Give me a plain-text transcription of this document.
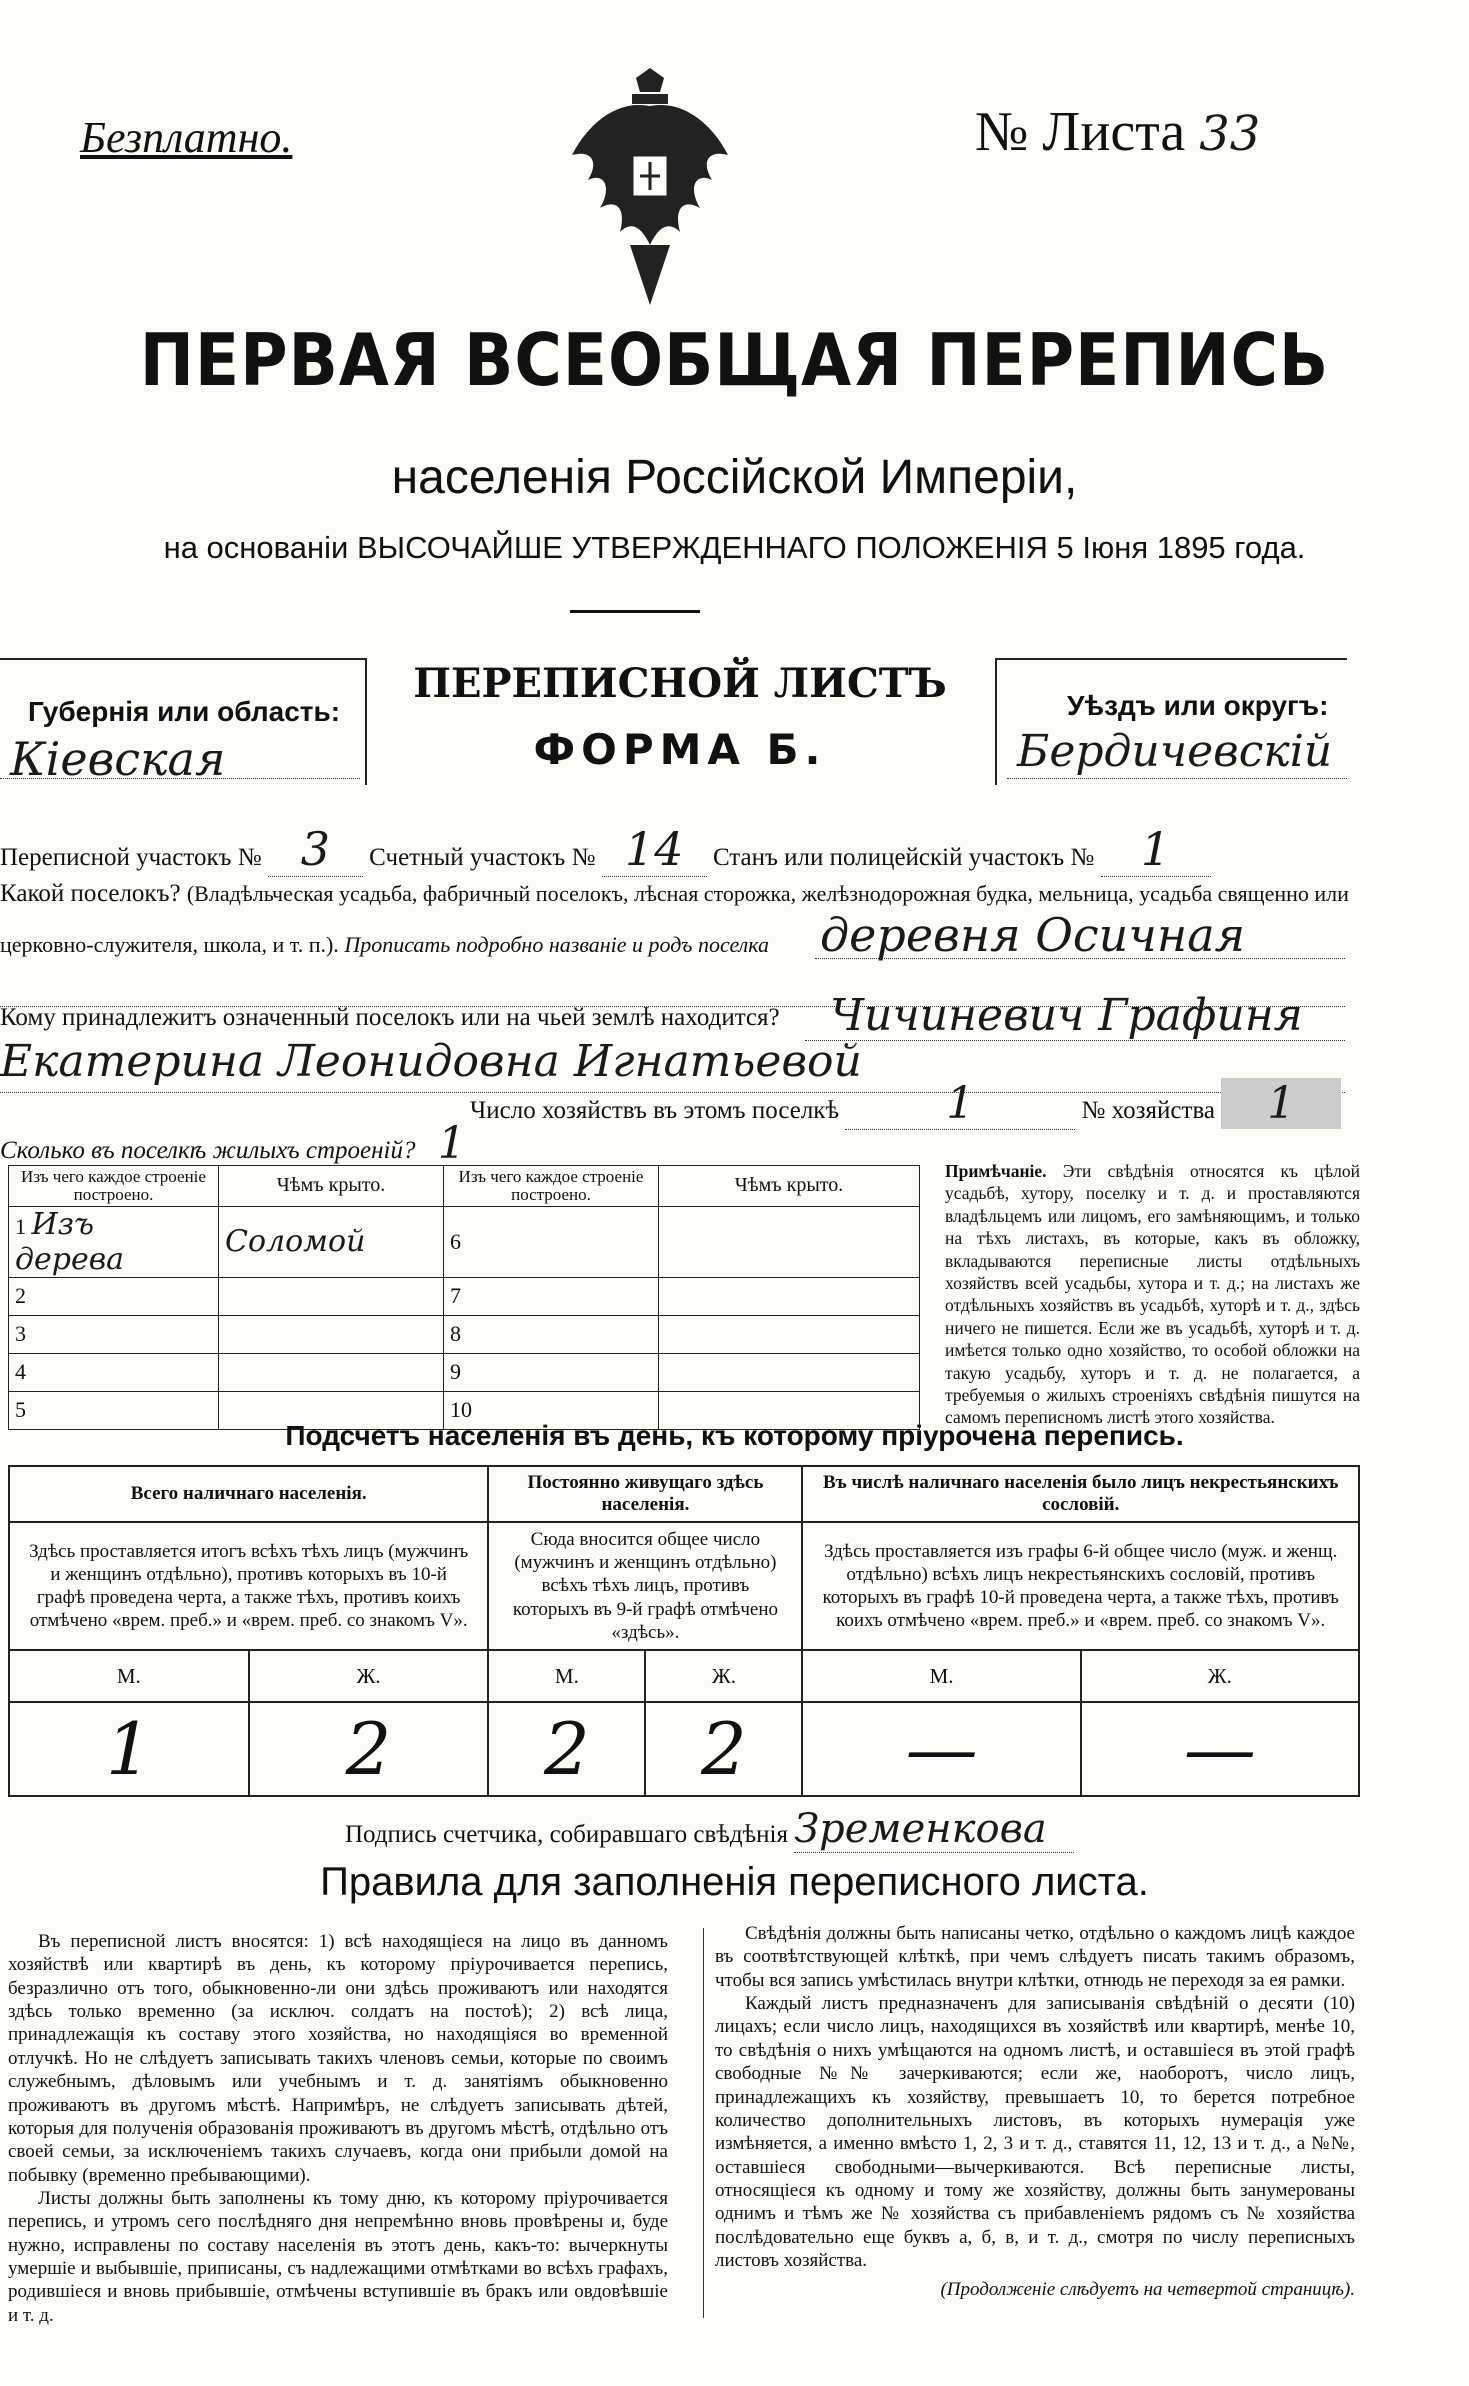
Безплатно.	№ Листа 33
ПЕРВАЯ ВСЕОБЩАЯ ПЕРЕПИСЬ
населенія Россійской Имперіи,
на основаніи ВЫСОЧАЙШЕ УТВЕРЖДЕННАГО ПОЛОЖЕНІЯ 5 Іюня 1895 года.
Губернія или область:
Кіевская
ПЕРЕПИСНОЙ ЛИСТЪ
ФОРМА Б.
Уѣздъ или округъ:
Бердичевскій
Переписной участокъ № 3 Счетный участокъ № 14 Станъ или полицейскій участокъ № 1
Какой поселокъ? (Владѣльческая усадьба, фабричный поселокъ, лѣсная сторожка, желѣзнодорожная будка, мельница, усадьба священно или
церковно-служителя, школа, и т. п.). Прописать подробно названіе и родъ поселка деревня Осичная
Кому принадлежитъ означенный поселокъ или на чьей землѣ находится? Чичиневич Графиня
Екатерина Леонидовна Игнатьевой
Число хозяйствъ въ этомъ поселкѣ 1	№ хозяйства 1
Сколько въ поселкѣ жилыхъ строеній? 1
Изъ чего каждое строеніе построено.	Чѣмъ крыто.	Изъ чего каждое строеніе построено.	Чѣмъ крыто.
1 Изъ дерева	Соломой	6	
2		7	
3		8	
4		9	
5		10	
Примѣчаніе. Эти свѣдѣнія относятся къ цѣлой усадьбѣ, хутору, поселку и т. д. и проставляются владѣльцемъ или лицомъ, его замѣняющимъ, и только на тѣхъ листахъ, въ которые, какъ въ обложку, вкладываются переписные листы отдѣльныхъ хозяйствъ всей усадьбы, хутора и т. д.; на листахъ же отдѣльныхъ хозяйствъ въ усадьбѣ, хуторѣ и т. д., здѣсь ничего не пишется. Если же въ усадьбѣ, хуторѣ и т. д. имѣется только одно хозяйство, то особой обложки на такую усадьбу, хуторъ и т. д. не полагается, а требуемыя о жилыхъ строеніяхъ свѣдѣнія пишутся на самомъ переписномъ листѣ этого хозяйства.
Подсчетъ населенія въ день, къ которому пріурочена перепись.
Всего наличнаго населенія.		Постоянно живущаго здѣсь населенія.		Въ числѣ наличнаго населенія было лицъ некрестьянскихъ сословій.	
Здѣсь проставляется итогъ всѣхъ тѣхъ лицъ (мужчинъ и женщинъ отдѣльно), противъ которыхъ въ 10-й графѣ проведена черта, а также тѣхъ, противъ коихъ отмѣчено «врем. преб.» и «врем. преб. со знакомъ V».		Сюда вносится общее число (мужчинъ и женщинъ отдѣльно) всѣхъ тѣхъ лицъ, противъ которыхъ въ 9-й графѣ отмѣчено «здѣсь».		Здѣсь проставляется изъ графы 6-й общее число (муж. и женщ. отдѣльно) всѣхъ лицъ некрестьянскихъ сословій, противъ которыхъ въ графѣ 10-й проведена черта, а также тѣхъ, противъ коихъ отмѣчено «врем. преб.» и «врем. преб. со знакомъ V».	
М.	Ж.	М.	Ж.	М.	Ж.
1	2	2	2	—	—
Подпись счетчика, собиравшаго свѣдѣнія Зременкова
Правила для заполненія переписного листа.
Въ переписной листъ вносятся: 1) всѣ находящіеся на лицо въ данномъ хозяйствѣ или квартирѣ въ день, къ которому пріурочивается перепись, безразлично отъ того, обыкновенно-ли они здѣсь проживаютъ или находятся здѣсь только временно (за исключ. солдатъ на постоѣ); 2) всѣ лица, принадлежащія къ составу этого хозяйства, но находящіяся во временной отлучкѣ. Но не слѣдуетъ записывать такихъ членовъ семьи, которые по своимъ служебнымъ, дѣловымъ или учебнымъ и т. д. занятіямъ обыкновенно проживаютъ въ другомъ мѣстѣ. Напримѣръ, не слѣдуетъ записывать дѣтей, которыя для полученія образованія проживаютъ въ другомъ мѣстѣ, отдѣльно отъ своей семьи, за исключеніемъ такихъ случаевъ, когда они прибыли домой на побывку (временно пребывающими).
Листы должны быть заполнены къ тому дню, къ которому пріурочивается перепись, и утромъ сего послѣдняго дня непремѣнно вновь провѣрены и, буде нужно, исправлены по составу населенія въ этотъ день, какъ-то: вычеркнуты умершіе и выбывшіе, приписаны, съ надлежащими отмѣтками во всѣхъ графахъ, родившіеся и вновь прибывшіе, отмѣчены вступившіе въ бракъ или овдовѣвшіе и т. д.
Свѣдѣнія должны быть написаны четко, отдѣльно о каждомъ лицѣ каждое въ соотвѣтствующей клѣткѣ, при чемъ слѣдуетъ писать такимъ образомъ, чтобы вся запись умѣстилась внутри клѣтки, отнюдь не переходя за ея рамки.
Каждый листъ предназначенъ для записыванія свѣдѣній о десяти (10) лицахъ; если число лицъ, находящихся въ хозяйствѣ или квартирѣ, менѣе 10, то свѣдѣнія о нихъ умѣщаются на одномъ листѣ, и оставшіеся въ этой графѣ свободные №№ зачеркиваются; если же, наоборотъ, число лицъ, принадлежащихъ къ хозяйству, превышаетъ 10, то берется потребное количество дополнительныхъ листовъ, въ которыхъ нумерація уже измѣняется, а именно вмѣсто 1, 2, 3 и т. д., ставятся 11, 12, 13 и т. д., а №№, оставшіеся свободными—вычеркиваются. Всѣ переписные листы, относящіеся къ одному и тому же хозяйству, должны быть занумерованы однимъ и тѣмъ же № хозяйства съ прибавленіемъ рядомъ съ № хозяйства послѣдовательно еще буквъ а, б, в, и т. д., смотря по числу переписныхъ листовъ хозяйства.
(Продолженіе слѣдуетъ на четвертой страницѣ).
